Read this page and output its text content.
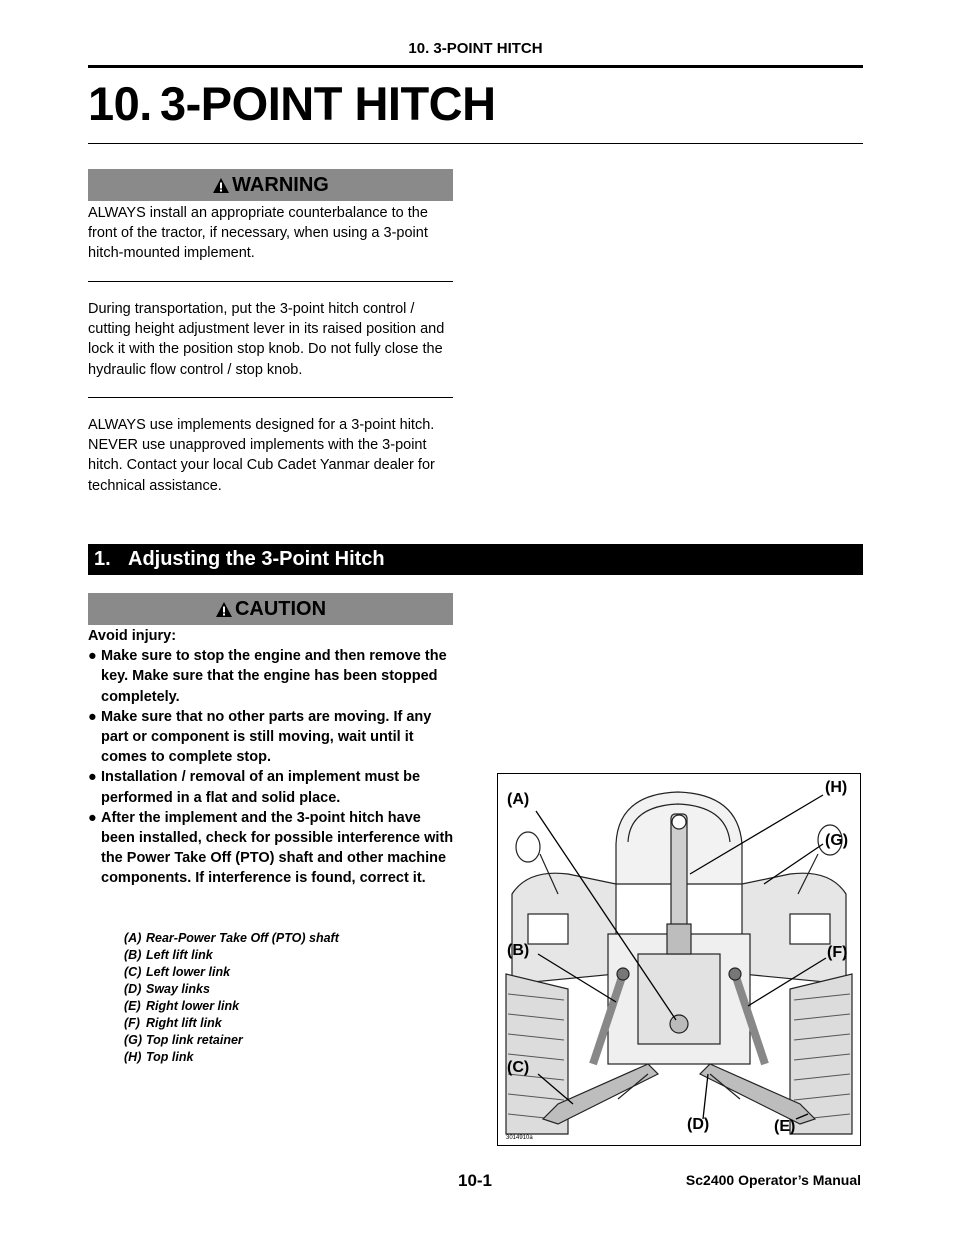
10. 3-POINT HITCH
10. 3-POINT HITCH
WARNING

ALWAYS install an appropriate counterbalance to the front of the tractor, if necessary, when using a 3-point hitch-mounted implement.

During transportation, put the 3-point hitch control / cutting height adjustment lever in its raised position and lock it with the position stop knob. Do not fully close the hydraulic flow control / stop knob.

ALWAYS use implements designed for a 3-point hitch. NEVER use unapproved implements with the 3-point hitch. Contact your local Cub Cadet Yanmar dealer for technical assistance.

1. Adjusting the 3-Point Hitch
CAUTION
Avoid injury:
● Make sure to stop the engine and then remove the key. Make sure that the engine has been stopped completely.
● Make sure that no other parts are moving. If any part or component is still moving, wait until it comes to complete stop.
● Installation / removal of an implement must be performed in a flat and solid place.
● After the implement and the 3-point hitch have been installed, check for possible interference with the Power Take Off (PTO) shaft and other machine components. If interference is found, correct it.
(A) Rear-Power Take Off (PTO) shaft
(B) Left lift link
(C) Left lower link
(D) Sway links
(E) Right lower link
(F) Right lift link
(G) Top link retainer
(H) Top link
(A)
(H)
(G)
(B)	(F)
(C)
(D)	(E)
3014910a
10-1	Sc2400 Operator’s Manual
